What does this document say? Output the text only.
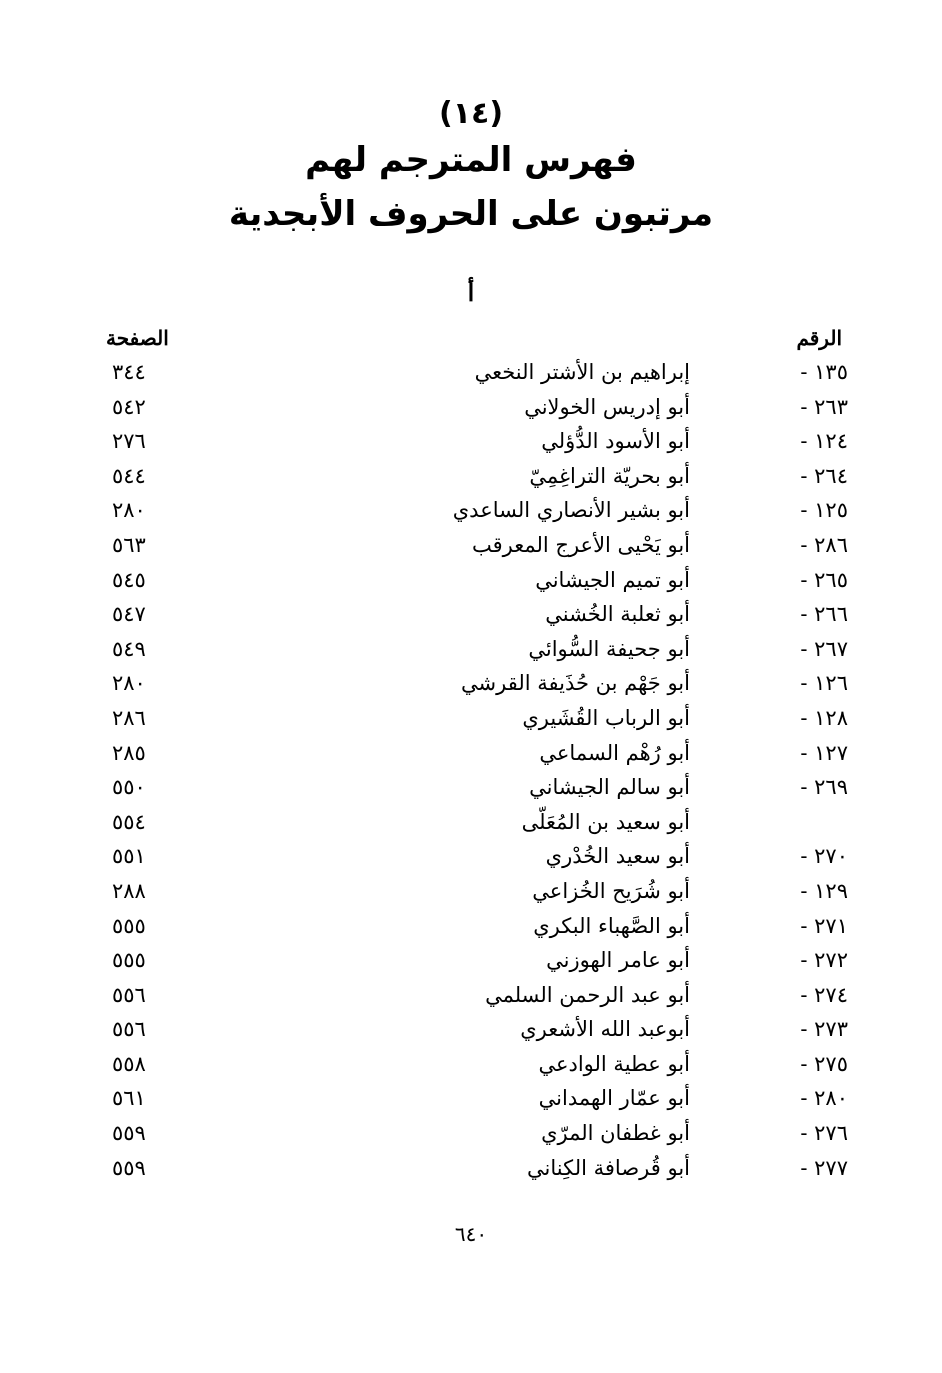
(١٤)
فهرس المترجم لهم
مرتبون على الحروف الأبجدية
أ
الرقم
الصفحة
١٣٥ -
إبراهيم بن الأشتر النخعي
٣٤٤
٢٦٣ -
أبو إدريس الخولاني
٥٤٢
١٢٤ -
أبو الأسود الدُّؤلي
٢٧٦
٢٦٤ -
أبو بحريّة التراغِمِيّ
٥٤٤
١٢٥ -
أبو بشير الأنصاري الساعدي
٢٨٠
٢٨٦ -
أبو يَحْيى الأعرج المعرقب
٥٦٣
٢٦٥ -
أبو تميم الجيشاني
٥٤٥
٢٦٦ -
أبو ثعلبة الخُشني
٥٤٧
٢٦٧ -
أبو جحيفة السُّوائي
٥٤٩
١٢٦ -
أبو جَهْم بن حُذَيفة القرشي
٢٨٠
١٢٨ -
أبو الرباب القُشَيري
٢٨٦
١٢٧ -
أبو رُهْم السماعي
٢٨٥
٢٦٩ -
أبو سالم الجيشاني
٥٥٠
أبو سعيد بن المُعَلّى
٥٥٤
٢٧٠ -
أبو سعيد الخُدْري
٥٥١
١٢٩ -
أبو شُرَيح الخُزاعي
٢٨٨
٢٧١ -
أبو الصَّهباء البكري
٥٥٥
٢٧٢ -
أبو عامر الهوزني
٥٥٥
٢٧٤ -
أبو عبد الرحمن السلمي
٥٥٦
٢٧٣ -
أبوعبد الله الأشعري
٥٥٦
٢٧٥ -
أبو عطية الوادعي
٥٥٨
٢٨٠ -
أبو عمّار الهمداني
٥٦١
٢٧٦ -
أبو غطفان المرّي
٥٥٩
٢٧٧ -
أبو قُرصافة الكِناني
٥٥٩
٦٤٠
